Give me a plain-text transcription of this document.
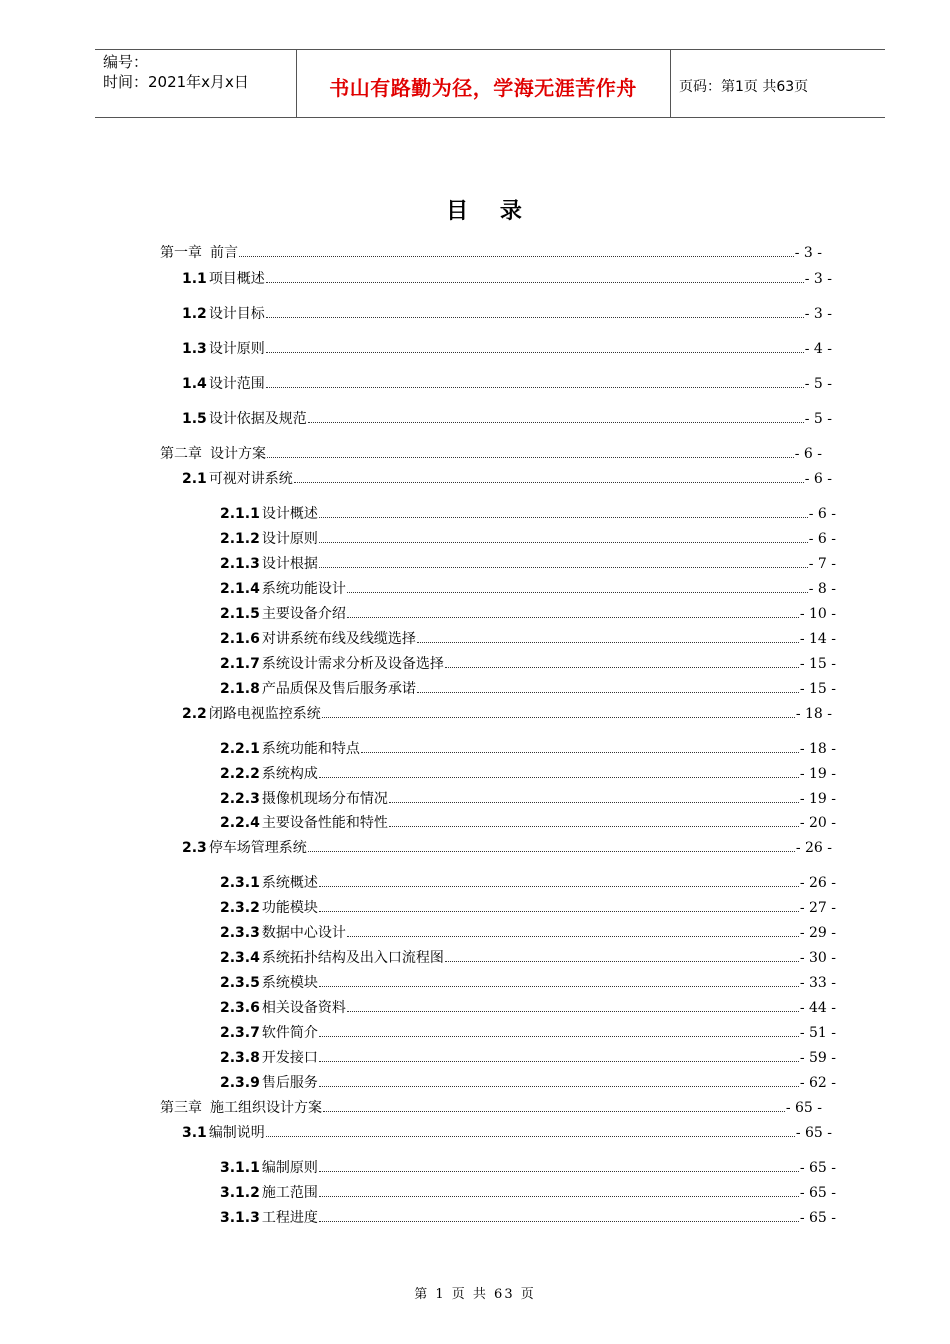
编号：
时间：2021年x月x日	书山有路勤为径，学海无涯苦作舟	页码：第1页 共63页
目 录
第一章 前言	- 3 -
1.1 项目概述	- 3 -
1.2 设计目标	- 3 -
1.3 设计原则	- 4 -
1.4 设计范围	- 5 -
1.5 设计依据及规范	- 5 -
第二章 设计方案	- 6 -
2.1 可视对讲系统	- 6 -
2.1.1 设计概述	- 6 -
2.1.2 设计原则	- 6 -
2.1.3 设计根据	- 7 -
2.1.4 系统功能设计	- 8 -
2.1.5 主要设备介绍	- 10 -
2.1.6 对讲系统布线及线缆选择	- 14 -
2.1.7 系统设计需求分析及设备选择	- 15 -
2.1.8 产品质保及售后服务承诺	- 15 -
2.2 闭路电视监控系统	- 18 -
2.2.1 系统功能和特点	- 18 -
2.2.2 系统构成	- 19 -
2.2.3 摄像机现场分布情况	- 19 -
2.2.4 主要设备性能和特性	- 20 -
2.3 停车场管理系统	- 26 -
2.3.1 系统概述	- 26 -
2.3.2 功能模块	- 27 -
2.3.3 数据中心设计	- 29 -
2.3.4 系统拓扑结构及出入口流程图	- 30 -
2.3.5 系统模块	- 33 -
2.3.6 相关设备资料	- 44 -
2.3.7 软件简介	- 51 -
2.3.8 开发接口	- 59 -
2.3.9 售后服务	- 62 -
第三章 施工组织设计方案	- 65 -
3.1 编制说明	- 65 -
3.1.1 编制原则	- 65 -
3.1.2 施工范围	- 65 -
3.1.3 工程进度	- 65 -
第 1 页 共 63 页
